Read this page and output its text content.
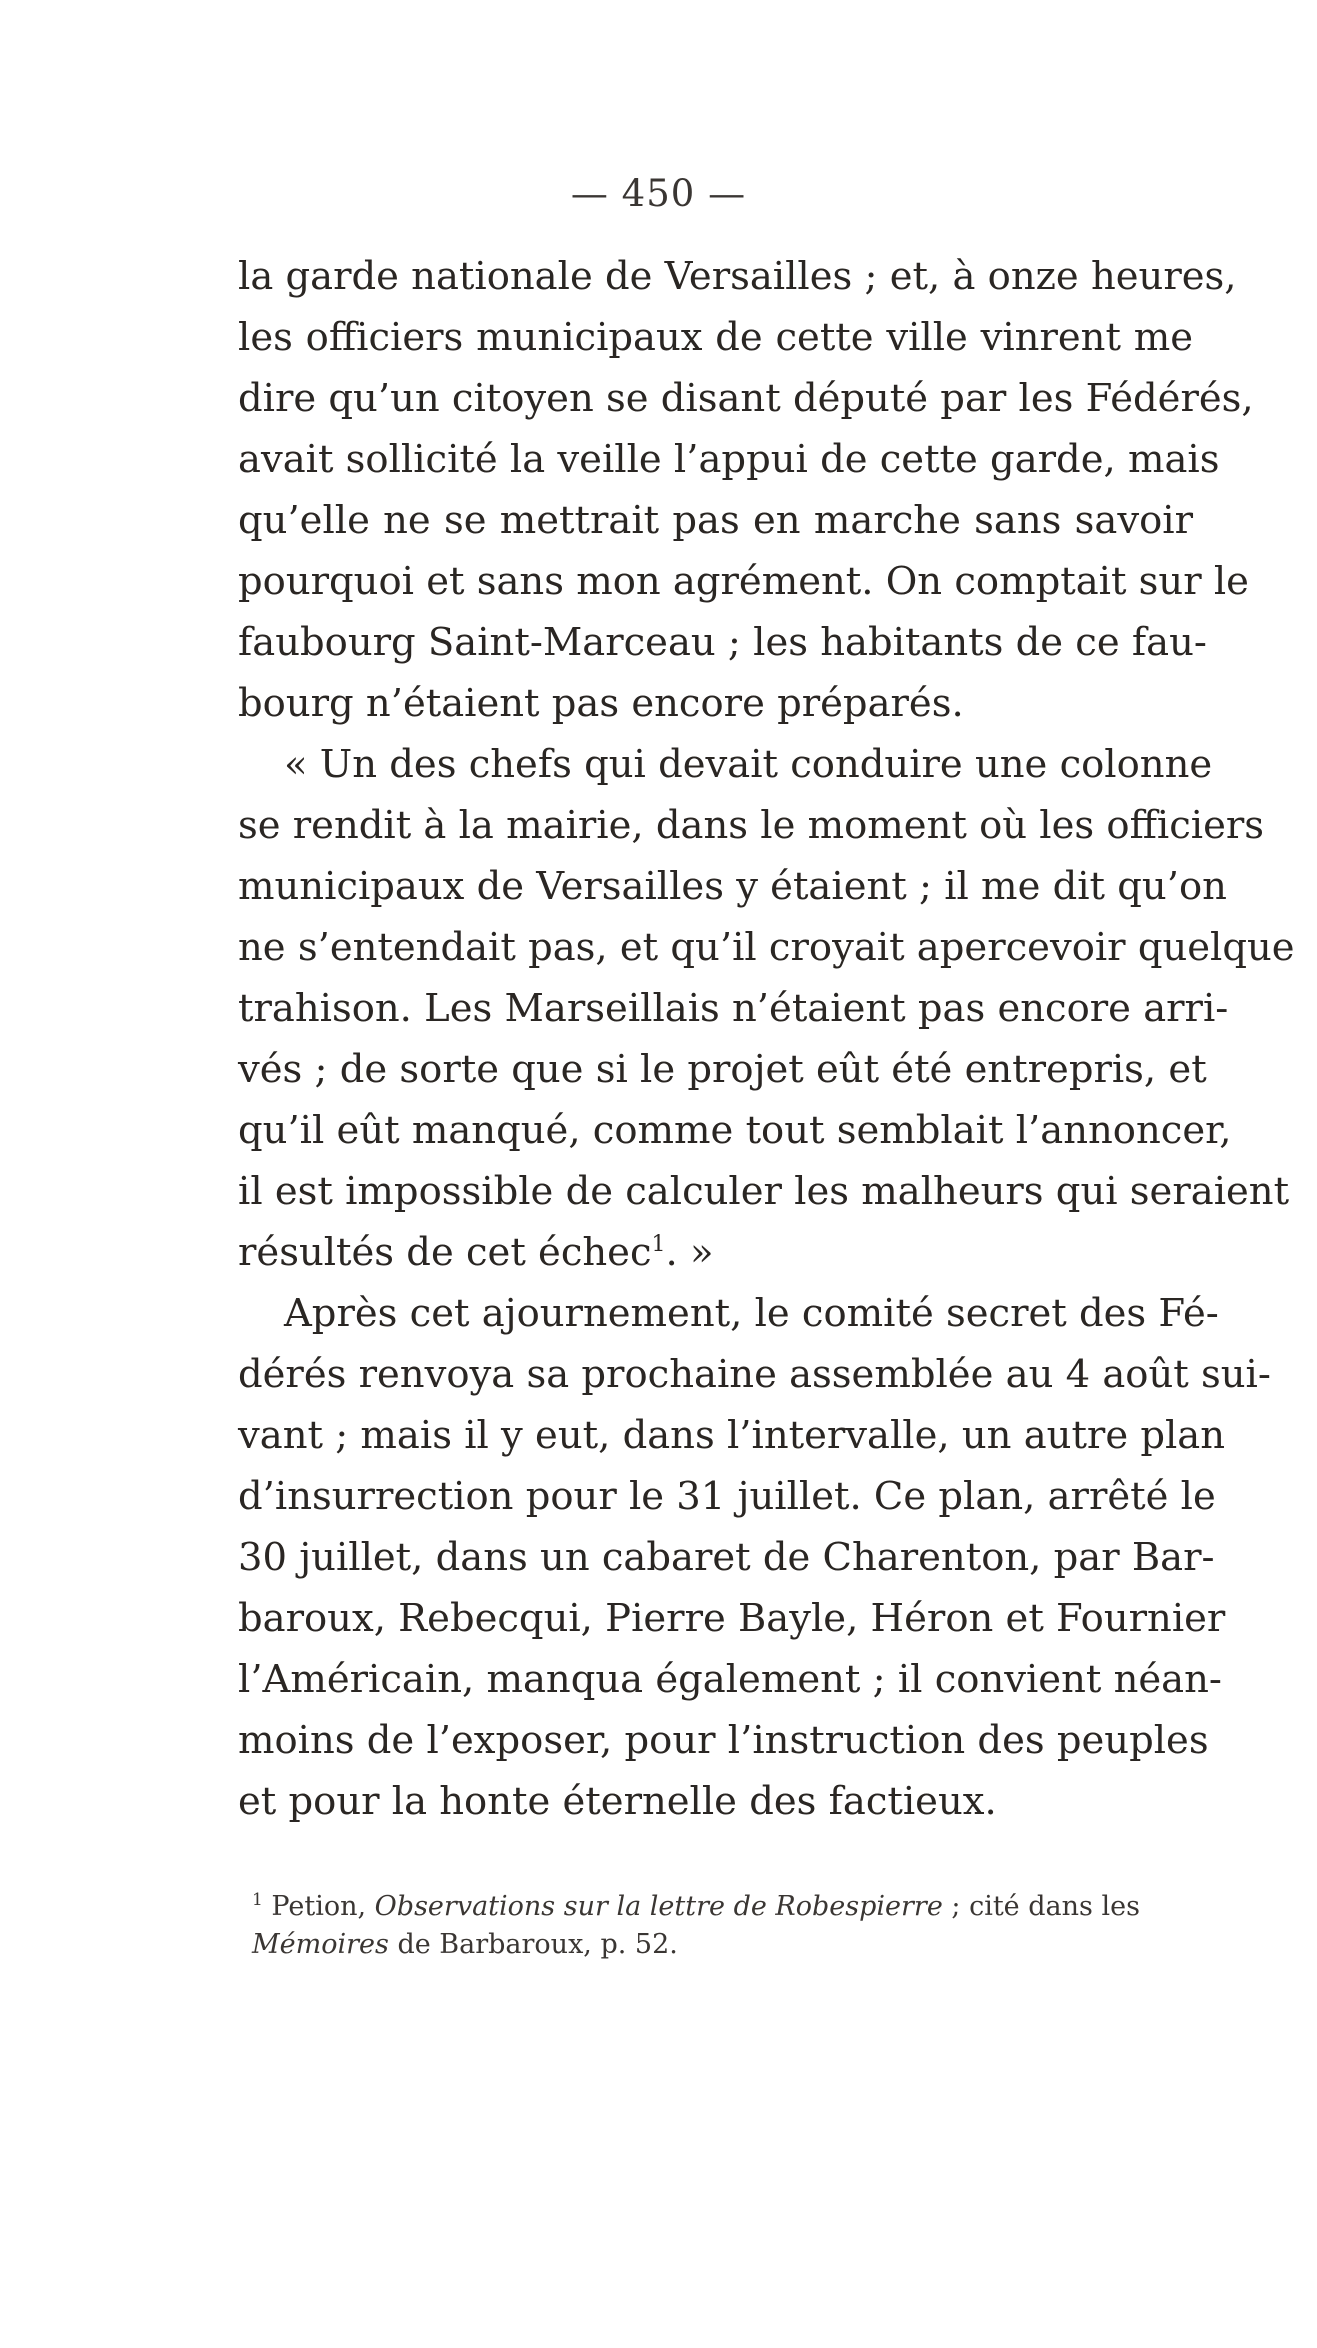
— 450 —
la garde nationale de Versailles ; et, à onze heures,
les officiers municipaux de cette ville vinrent me
dire qu’un citoyen se disant député par les Fédérés,
avait sollicité la veille l’appui de cette garde, mais
qu’elle ne se mettrait pas en marche sans savoir
pourquoi et sans mon agrément. On comptait sur le
faubourg Saint-Marceau ; les habitants de ce fau-
bourg n’étaient pas encore préparés.
« Un des chefs qui devait conduire une colonne
se rendit à la mairie, dans le moment où les officiers
municipaux de Versailles y étaient ; il me dit qu’on
ne s’entendait pas, et qu’il croyait apercevoir quelque
trahison. Les Marseillais n’étaient pas encore arri-
vés ; de sorte que si le projet eût été entrepris, et
qu’il eût manqué, comme tout semblait l’annoncer,
il est impossible de calculer les malheurs qui seraient
résultés de cet échec$^1$. »
Après cet ajournement, le comité secret des Fé-
dérés renvoya sa prochaine assemblée au 4 août sui-
vant ; mais il y eut, dans l’intervalle, un autre plan
d’insurrection pour le 31 juillet. Ce plan, arrêté le
30 juillet, dans un cabaret de Charenton, par Bar-
baroux, Rebecqui, Pierre Bayle, Héron et Fournier
l’Américain, manqua également ; il convient néan-
moins de l’exposer, pour l’instruction des peuples
et pour la honte éternelle des factieux.
$^1$ Petion, Observations sur la lettre de Robespierre ; cité dans les
Mémoires de Barbaroux, p. 52.
